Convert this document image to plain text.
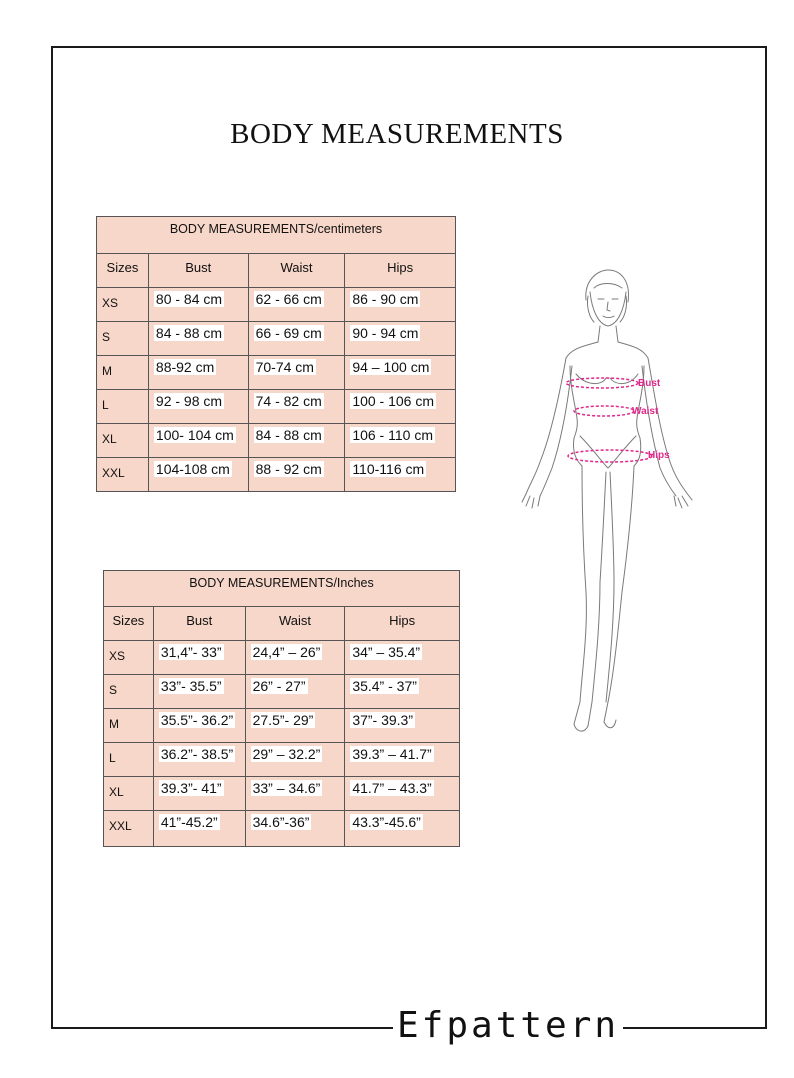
BODY MEASUREMENTS
BODY MEASUREMENTS/centimeters			
Sizes	Bust	Waist	Hips
XS	80 - 84 cm	62 - 66 cm	86 - 90 cm
S	84 - 88 cm	66 - 69 cm	90 - 94 cm
M	88-92 cm	70-74 cm	94 – 100 cm
L	92 - 98 cm	74 - 82 cm	100 - 106 cm
XL	100- 104 cm	84 - 88 cm	106 - 110 cm
XXL	104-108 cm	88 - 92 cm	110-116 cm
BODY MEASUREMENTS/Inches			
Sizes	Bust	Waist	Hips
XS	31,4”- 33”	24,4” – 26”	34” – 35.4”
S	33”- 35.5”	26” - 27”	35.4” - 37”
M	35.5”- 36.2”	27.5”- 29”	37”- 39.3”
L	36.2”- 38.5”	29” – 32.2”	39.3” – 41.7”
XL	39.3”- 41”	33” – 34.6”	41.7” – 43.3”
XXL	41”-45.2”	34.6”-36”	43.3”-45.6”
Bust
Waist
Hips
Efpattern
